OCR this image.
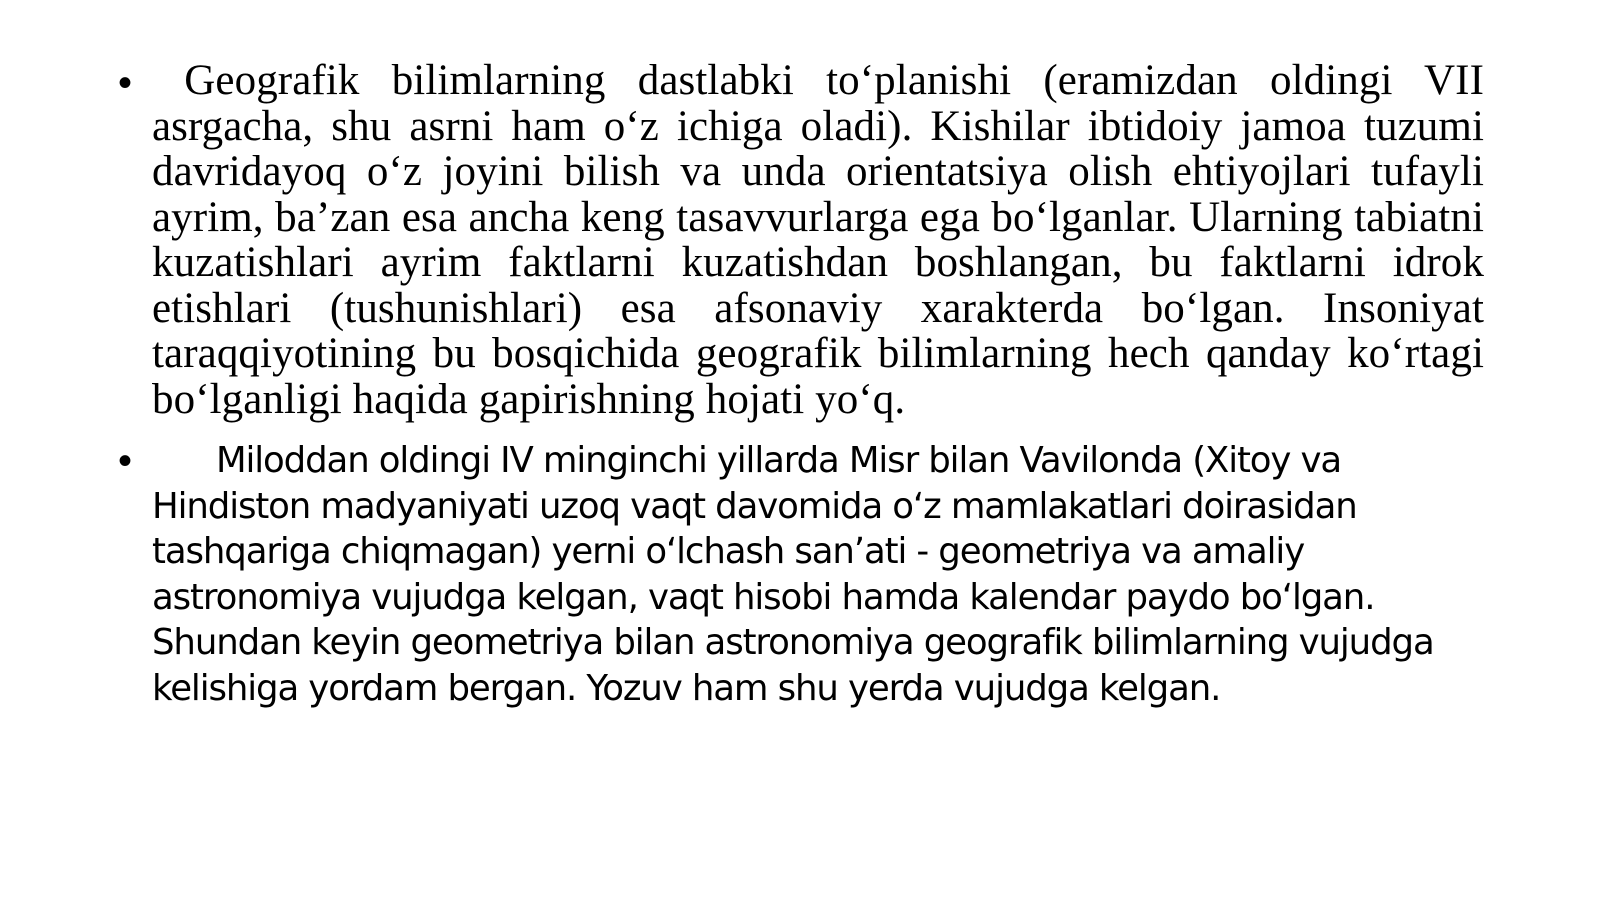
•	Geografik bilimlarning dastlabki to‘planishi (eramizdan oldingi VII asrgacha, shu asrni ham o‘z ichiga oladi). Kishilar ibtidoiy jamoa tuzumi davridayoq o‘z joyini bilish va unda orientatsiya olish ehtiyojlari tufayli ayrim, ba’zan esa ancha keng tasavvurlarga ega bo‘lganlar. Ularning tabiatni kuzatishlari ayrim faktlarni kuzatishdan boshlangan, bu faktlarni idrok etishlari (tushunishlari) esa afsonaviy xarakterda bo‘lgan. Insoniyat taraqqiyotining bu bosqichida geografik bilimlarning hech qanday ko‘rtagi bo‘lganligi haqida gapirishning hojati yo‘q.
•	Miloddan oldingi IV minginchi yillarda Misr bilan Vavilonda (Xitoy va Hindiston madyaniyati uzoq vaqt davomida o‘z mamlakatlari doirasidan tashqariga chiqmagan) yerni o‘lchash san’ati - geometriya va amaliy astronomiya vujudga kelgan, vaqt hisobi hamda kalendar paydo bo‘lgan. Shundan keyin geometriya bilan astronomiya geografik bilimlarning vujudga kelishiga yordam bergan. Yozuv ham shu yerda vujudga kelgan.
